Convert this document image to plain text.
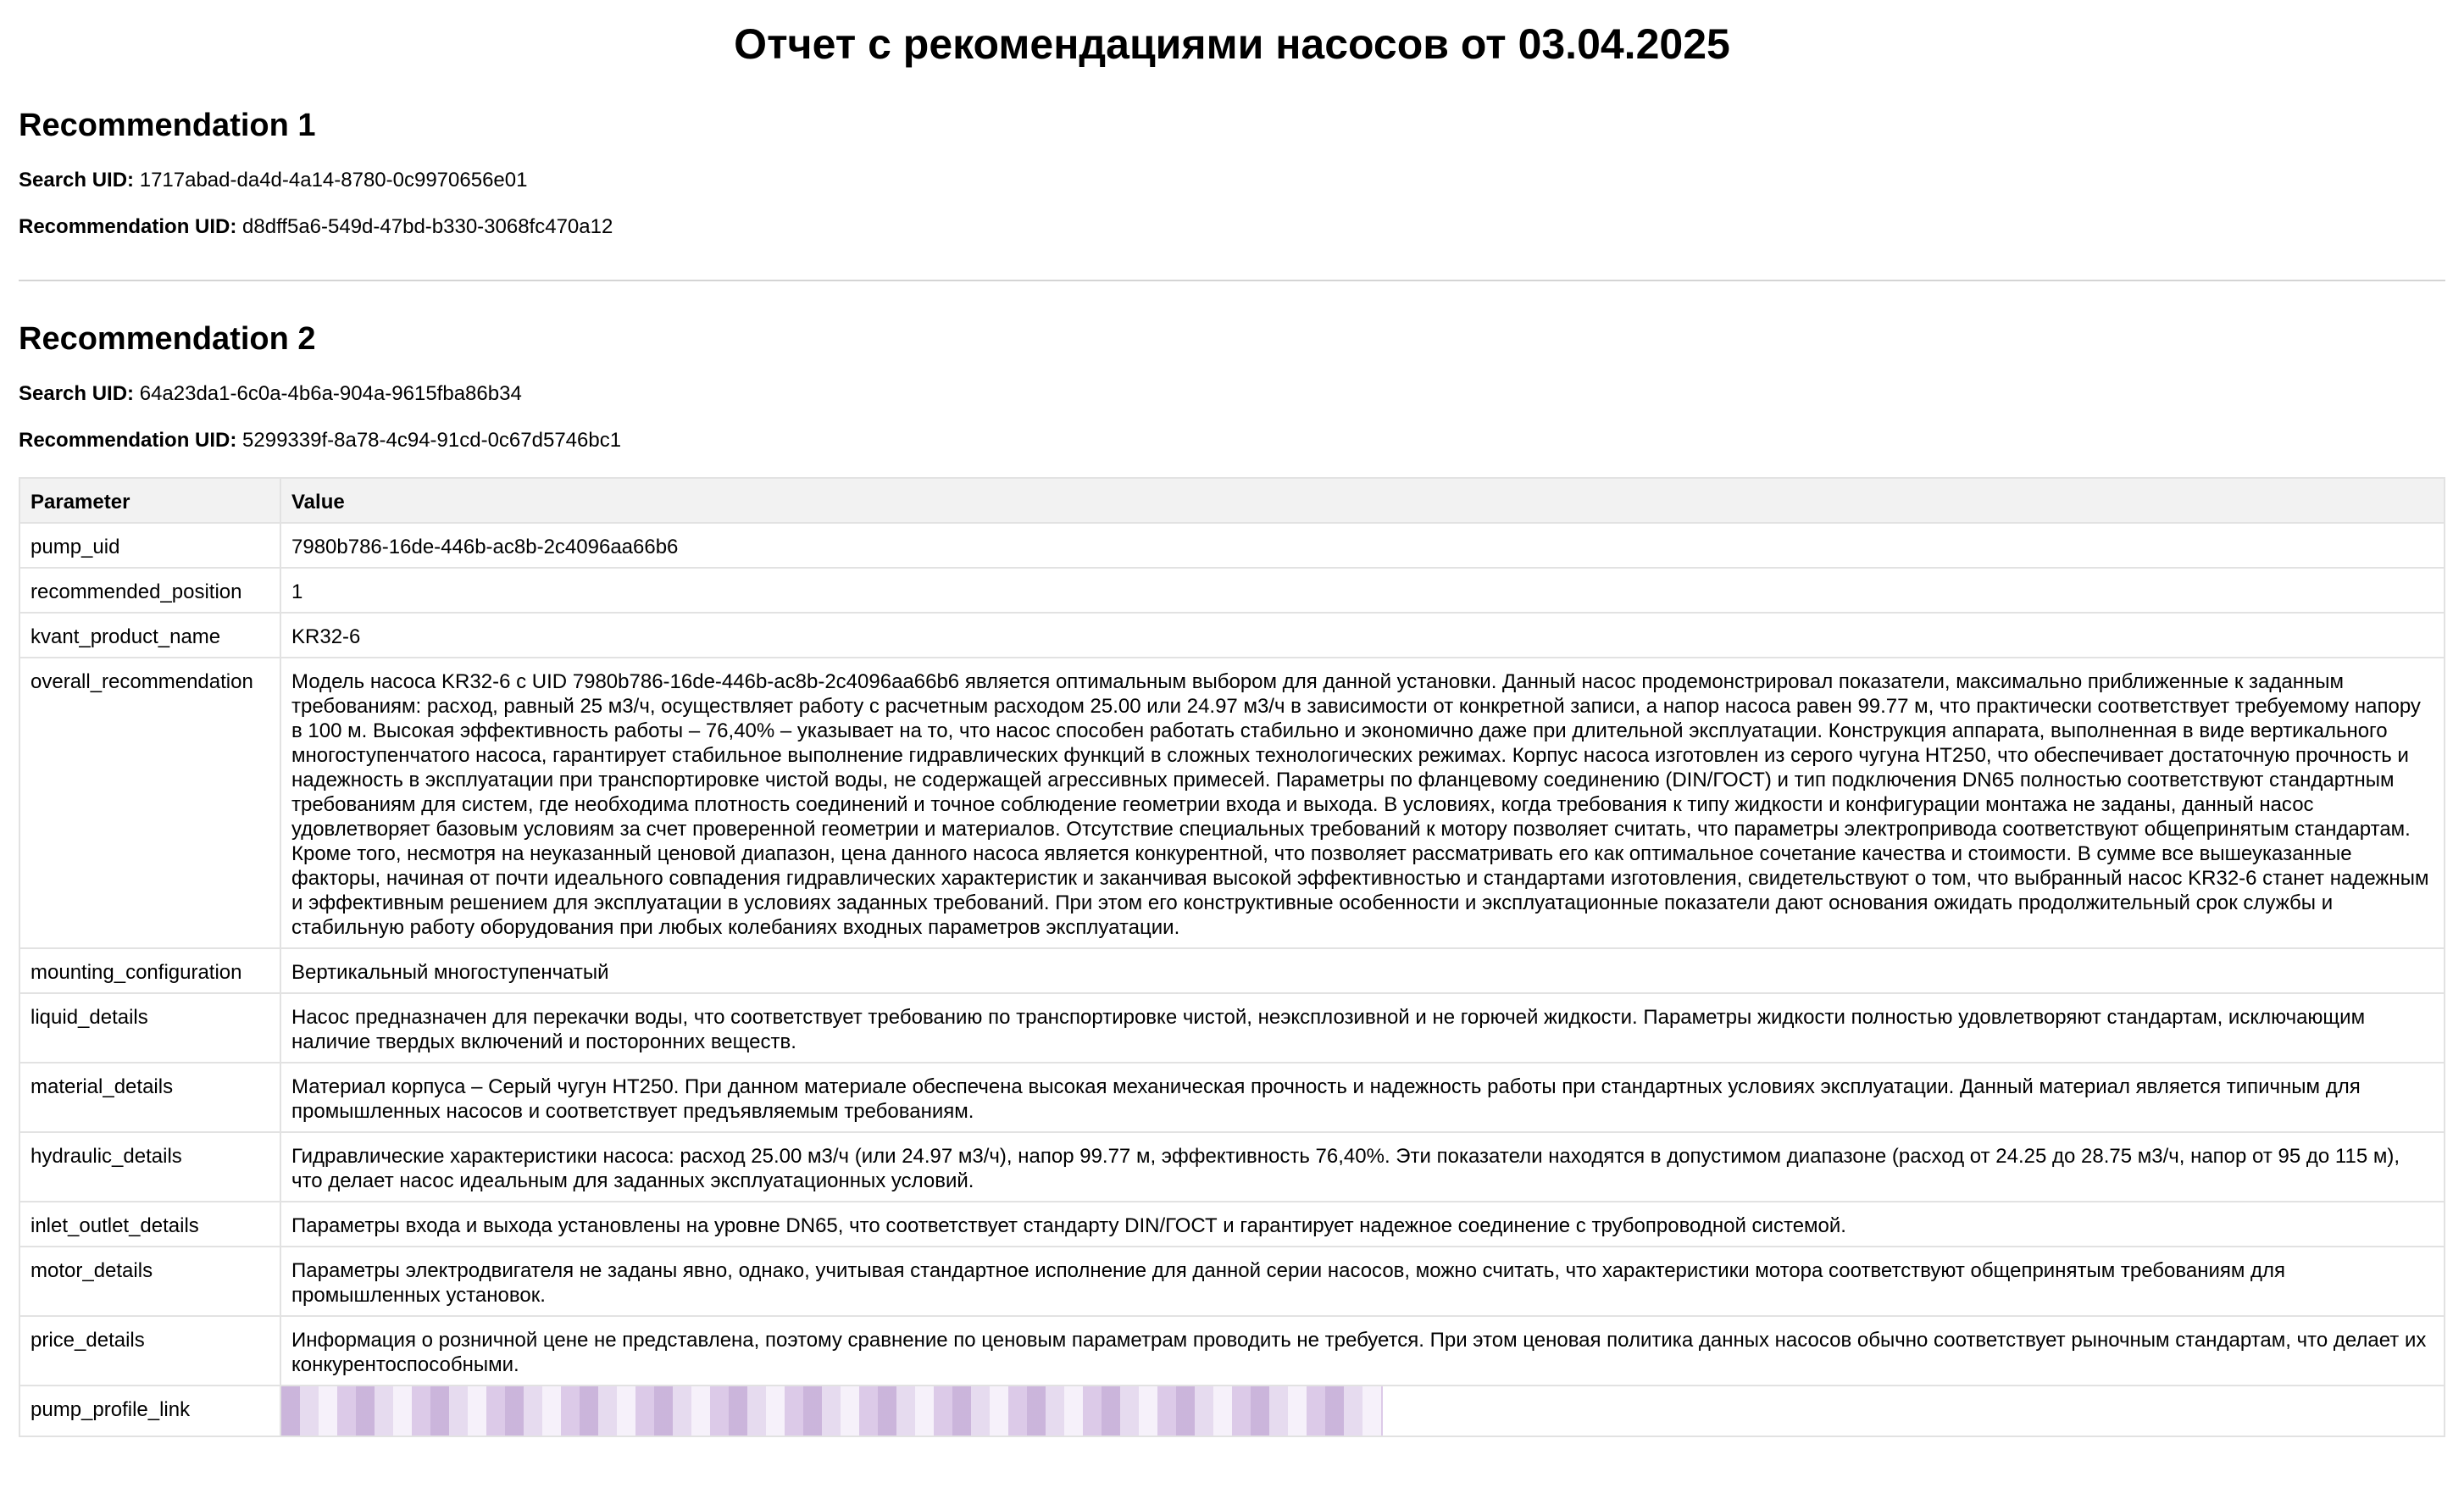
Отчет с рекомендациями насосов от 03.04.2025
Recommendation 1

Search UID: 1717abad-da4d-4a14-8780-0c9970656e01

Recommendation UID: d8dff5a6-549d-47bd-b330-3068fc470a12

Recommendation 2

Search UID: 64a23da1-6c0a-4b6a-904a-9615fba86b34

Recommendation UID: 5299339f-8a78-4c94-91cd-0c67d5746bc1

Parameter	Value
pump_uid	7980b786-16de-446b-ac8b-2c4096aa66b6
recommended_position	1
kvant_product_name	KR32-6
overall_recommendation	Модель насоса KR32-6 с UID 7980b786-16de-446b-ac8b-2c4096aa66b6 является оптимальным выбором для данной установки. Данный насос продемонстрировал показатели, максимально приближенные к заданным требованиям: расход, равный 25 м3/ч, осуществляет работу с расчетным расходом 25.00 или 24.97 м3/ч в зависимости от конкретной записи, а напор насоса равен 99.77 м, что практически соответствует требуемому напору в 100 м. Высокая эффективность работы – 76,40% – указывает на то, что насос способен работать стабильно и экономично даже при длительной эксплуатации. Конструкция аппарата, выполненная в виде вертикального многоступенчатого насоса, гарантирует стабильное выполнение гидравлических функций в сложных технологических режимах. Корпус насоса изготовлен из серого чугуна HT250, что обеспечивает достаточную прочность и надежность в эксплуатации при транспортировке чистой воды, не содержащей агрессивных примесей. Параметры по фланцевому соединению (DIN/ГОСТ) и тип подключения DN65 полностью соответствуют стандартным требованиям для систем, где необходима плотность соединений и точное соблюдение геометрии входа и выхода. В условиях, когда требования к типу жидкости и конфигурации монтажа не заданы, данный насос удовлетворяет базовым условиям за счет проверенной геометрии и материалов. Отсутствие специальных требований к мотору позволяет считать, что параметры электропривода соответствуют общепринятым стандартам. Кроме того, несмотря на неуказанный ценовой диапазон, цена данного насоса является конкурентной, что позволяет рассматривать его как оптимальное сочетание качества и стоимости. В сумме все вышеуказанные факторы, начиная от почти идеального совпадения гидравлических характеристик и заканчивая высокой эффективностью и стандартами изготовления, свидетельствуют о том, что выбранный насос KR32-6 станет надежным и эффективным решением для эксплуатации в условиях заданных требований. При этом его конструктивные особенности и эксплуатационные показатели дают основания ожидать продолжительный срок службы и стабильную работу оборудования при любых колебаниях входных параметров эксплуатации.
mounting_configuration	Вертикальный многоступенчатый
liquid_details	Насос предназначен для перекачки воды, что соответствует требованию по транспортировке чистой, неэксплозивной и не горючей жидкости. Параметры жидкости полностью удовлетворяют стандартам, исключающим наличие твердых включений и посторонних веществ.
material_details	Материал корпуса – Серый чугун HT250. При данном материале обеспечена высокая механическая прочность и надежность работы при стандартных условиях эксплуатации. Данный материал является типичным для промышленных насосов и соответствует предъявляемым требованиям.
hydraulic_details	Гидравлические характеристики насоса: расход 25.00 м3/ч (или 24.97 м3/ч), напор 99.77 м, эффективность 76,40%. Эти показатели находятся в допустимом диапазоне (расход от 24.25 до 28.75 м3/ч, напор от 95 до 115 м), что делает насос идеальным для заданных эксплуатационных условий.
inlet_outlet_details	Параметры входа и выхода установлены на уровне DN65, что соответствует стандарту DIN/ГОСТ и гарантирует надежное соединение с трубопроводной системой.
motor_details	Параметры электродвигателя не заданы явно, однако, учитывая стандартное исполнение для данной серии насосов, можно считать, что характеристики мотора соответствуют общепринятым требованиям для промышленных установок.
price_details	Информация о розничной цене не представлена, поэтому сравнение по ценовым параметрам проводить не требуется. При этом ценовая политика данных насосов обычно соответствует рыночным стандартам, что делает их конкурентоспособными.
pump_profile_link	
